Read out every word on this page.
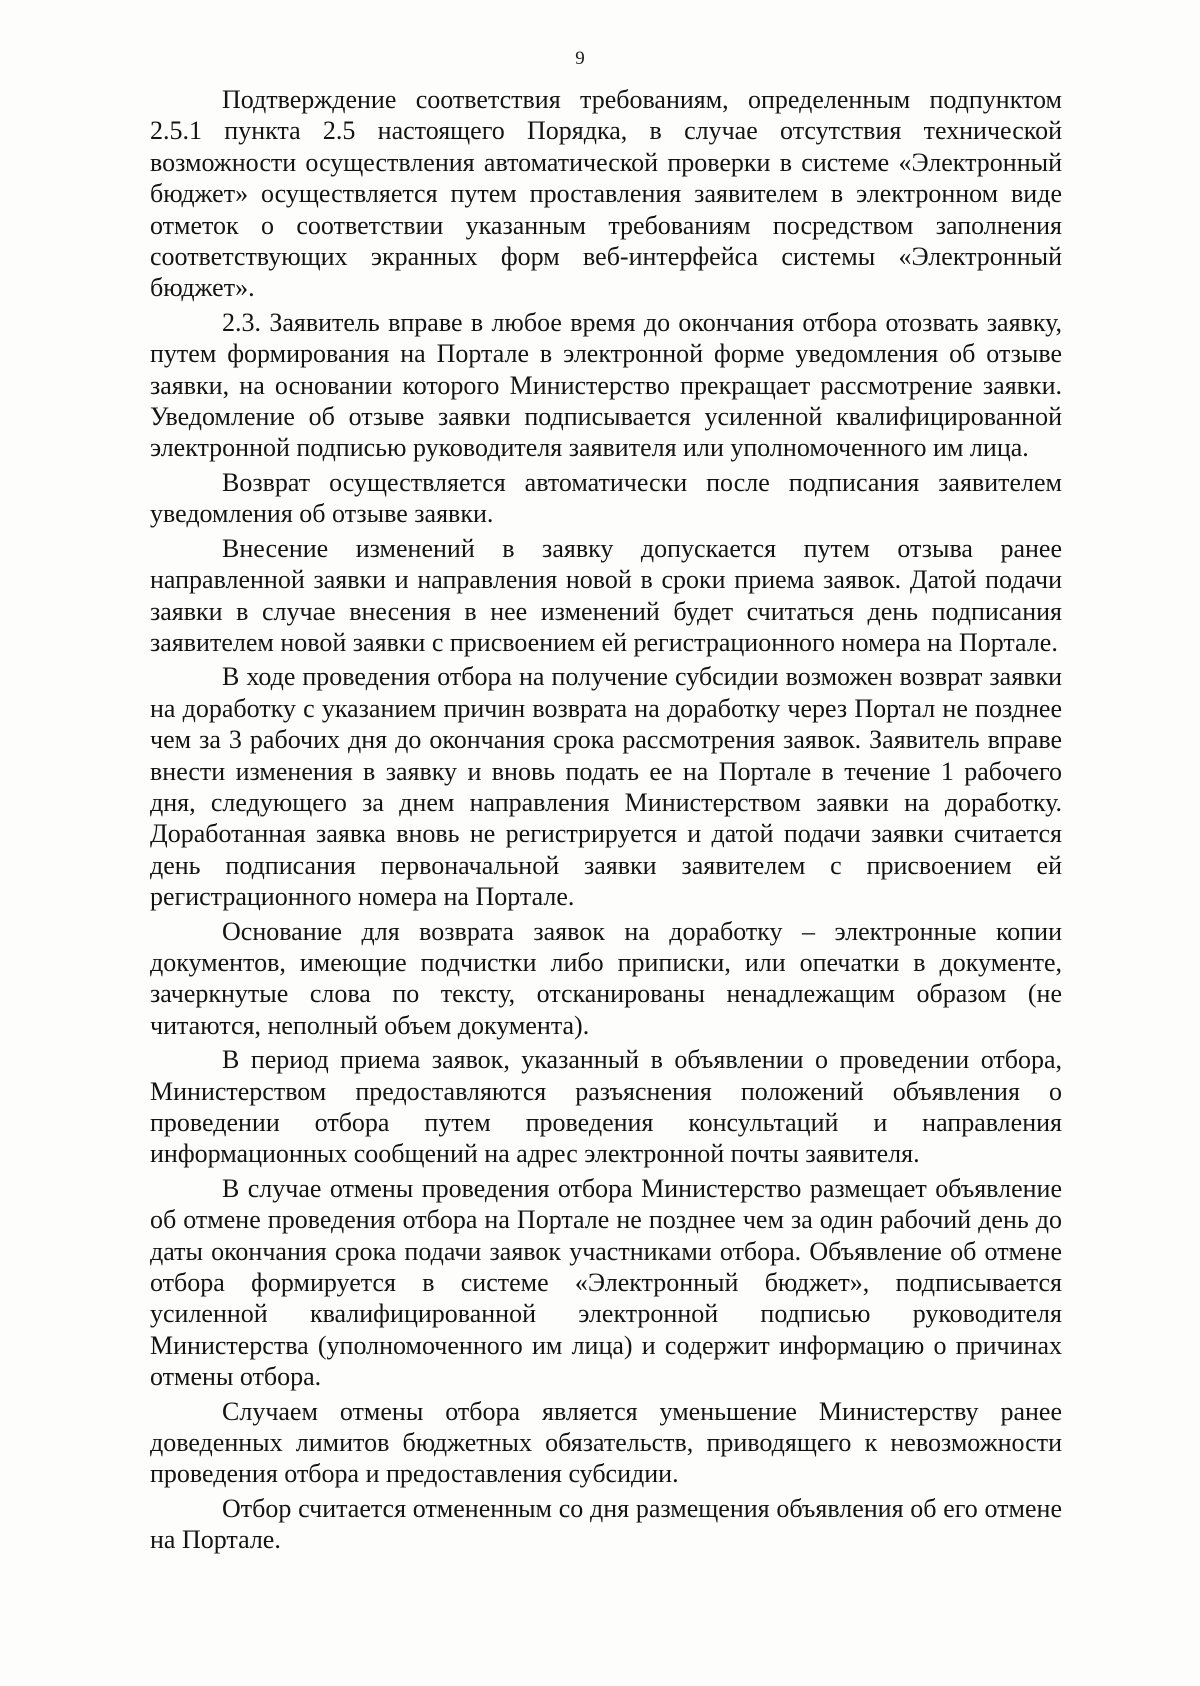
9

Подтверждение соответствия требованиям, определенным подпунктом 2.5.1 пункта 2.5 настоящего Порядка, в случае отсутствия технической возможности осуществления автоматической проверки в системе «Электронный бюджет» осуществляется путем проставления заявителем в электронном виде отметок о соответствии указанным требованиям посредством заполнения соответствующих экранных форм веб-интерфейса системы «Электронный бюджет».

2.3. Заявитель вправе в любое время до окончания отбора отозвать заявку, путем формирования на Портале в электронной форме уведомления об отзыве заявки, на основании которого Министерство прекращает рассмотрение заявки. Уведомление об отзыве заявки подписывается усиленной квалифицированной электронной подписью руководителя заявителя или уполномоченного им лица.

Возврат осуществляется автоматически после подписания заявителем уведомления об отзыве заявки.

Внесение изменений в заявку допускается путем отзыва ранее направленной заявки и направления новой в сроки приема заявок. Датой подачи заявки в случае внесения в нее изменений будет считаться день подписания заявителем новой заявки с присвоением ей регистрационного номера на Портале.

В ходе проведения отбора на получение субсидии возможен возврат заявки на доработку с указанием причин возврата на доработку через Портал не позднее чем за 3 рабочих дня до окончания срока рассмотрения заявок. Заявитель вправе внести изменения в заявку и вновь подать ее на Портале в течение 1 рабочего дня, следующего за днем направления Министерством заявки на доработку. Доработанная заявка вновь не регистрируется и датой подачи заявки считается день подписания первоначальной заявки заявителем с присвоением ей регистрационного номера на Портале.

Основание для возврата заявок на доработку – электронные копии документов, имеющие подчистки либо приписки, или опечатки в документе, зачеркнутые слова по тексту, отсканированы ненадлежащим образом (не читаются, неполный объем документа).

В период приема заявок, указанный в объявлении о проведении отбора, Министерством предоставляются разъяснения положений объявления о проведении отбора путем проведения консультаций и направления информационных сообщений на адрес электронной почты заявителя.

В случае отмены проведения отбора Министерство размещает объявление об отмене проведения отбора на Портале не позднее чем за один рабочий день до даты окончания срока подачи заявок участниками отбора. Объявление об отмене отбора формируется в системе «Электронный бюджет», подписывается усиленной квалифицированной электронной подписью руководителя Министерства (уполномоченного им лица) и содержит информацию о причинах отмены отбора.

Случаем отмены отбора является уменьшение Министерству ранее доведенных лимитов бюджетных обязательств, приводящего к невозможности проведения отбора и предоставления субсидии.

Отбор считается отмененным со дня размещения объявления об его отмене на Портале.
